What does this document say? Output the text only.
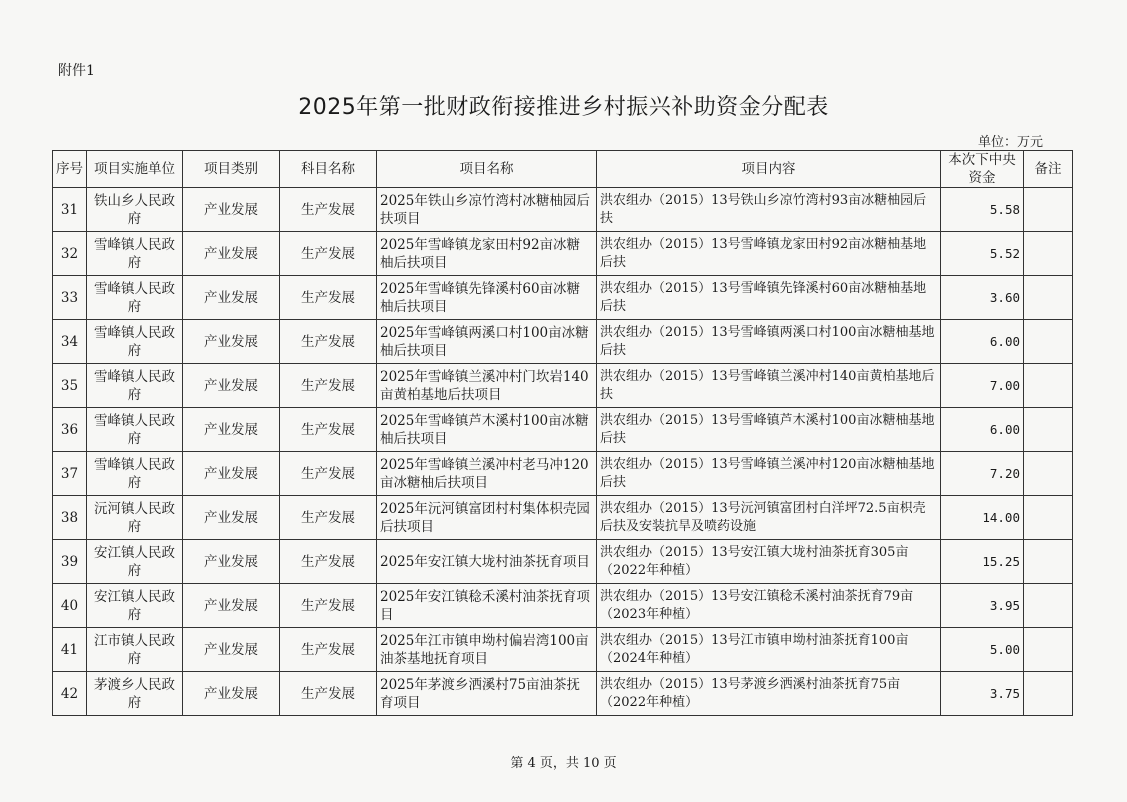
附件1
2025年第一批财政衔接推进乡村振兴补助资金分配表
单位：万元
序号	项目实施单位	项目类别	科目名称	项目名称	项目内容	本次下中央资金	备注
31	铁山乡人民政府	产业发展	生产发展	2025年铁山乡凉竹湾村冰糖柚园后扶项目	洪农组办（2015）13号铁山乡凉竹湾村93亩冰糖柚园后扶	5.58	
32	雪峰镇人民政府	产业发展	生产发展	2025年雪峰镇龙家田村92亩冰糖柚后扶项目	洪农组办（2015）13号雪峰镇龙家田村92亩冰糖柚基地后扶	5.52	
33	雪峰镇人民政府	产业发展	生产发展	2025年雪峰镇先锋溪村60亩冰糖柚后扶项目	洪农组办（2015）13号雪峰镇先锋溪村60亩冰糖柚基地后扶	3.60	
34	雪峰镇人民政府	产业发展	生产发展	2025年雪峰镇两溪口村100亩冰糖柚后扶项目	洪农组办（2015）13号雪峰镇两溪口村100亩冰糖柚基地后扶	6.00	
35	雪峰镇人民政府	产业发展	生产发展	2025年雪峰镇兰溪冲村门坎岩140亩黄柏基地后扶项目	洪农组办（2015）13号雪峰镇兰溪冲村140亩黄柏基地后扶	7.00	
36	雪峰镇人民政府	产业发展	生产发展	2025年雪峰镇芦木溪村100亩冰糖柚后扶项目	洪农组办（2015）13号雪峰镇芦木溪村100亩冰糖柚基地后扶	6.00	
37	雪峰镇人民政府	产业发展	生产发展	2025年雪峰镇兰溪冲村老马冲120亩冰糖柚后扶项目	洪农组办（2015）13号雪峰镇兰溪冲村120亩冰糖柚基地后扶	7.20	
38	沅河镇人民政府	产业发展	生产发展	2025年沅河镇富团村村集体枳壳园后扶项目	洪农组办（2015）13号沅河镇富团村白洋坪72.5亩枳壳后扶及安装抗旱及喷药设施	14.00	
39	安江镇人民政府	产业发展	生产发展	2025年安江镇大垅村油茶抚育项目	洪农组办（2015）13号安江镇大垅村油茶抚育305亩（2022年种植）	15.25	
40	安江镇人民政府	产业发展	生产发展	2025年安江镇稔禾溪村油茶抚育项目	洪农组办（2015）13号安江镇稔禾溪村油茶抚育79亩（2023年种植）	3.95	
41	江市镇人民政府	产业发展	生产发展	2025年江市镇申坳村偏岩湾100亩油茶基地抚育项目	洪农组办（2015）13号江市镇申坳村油茶抚育100亩（2024年种植）	5.00	
42	茅渡乡人民政府	产业发展	生产发展	2025年茅渡乡洒溪村75亩油茶抚育项目	洪农组办（2015）13号茅渡乡洒溪村油茶抚育75亩（2022年种植）	3.75	
第 4 页，共 10 页
